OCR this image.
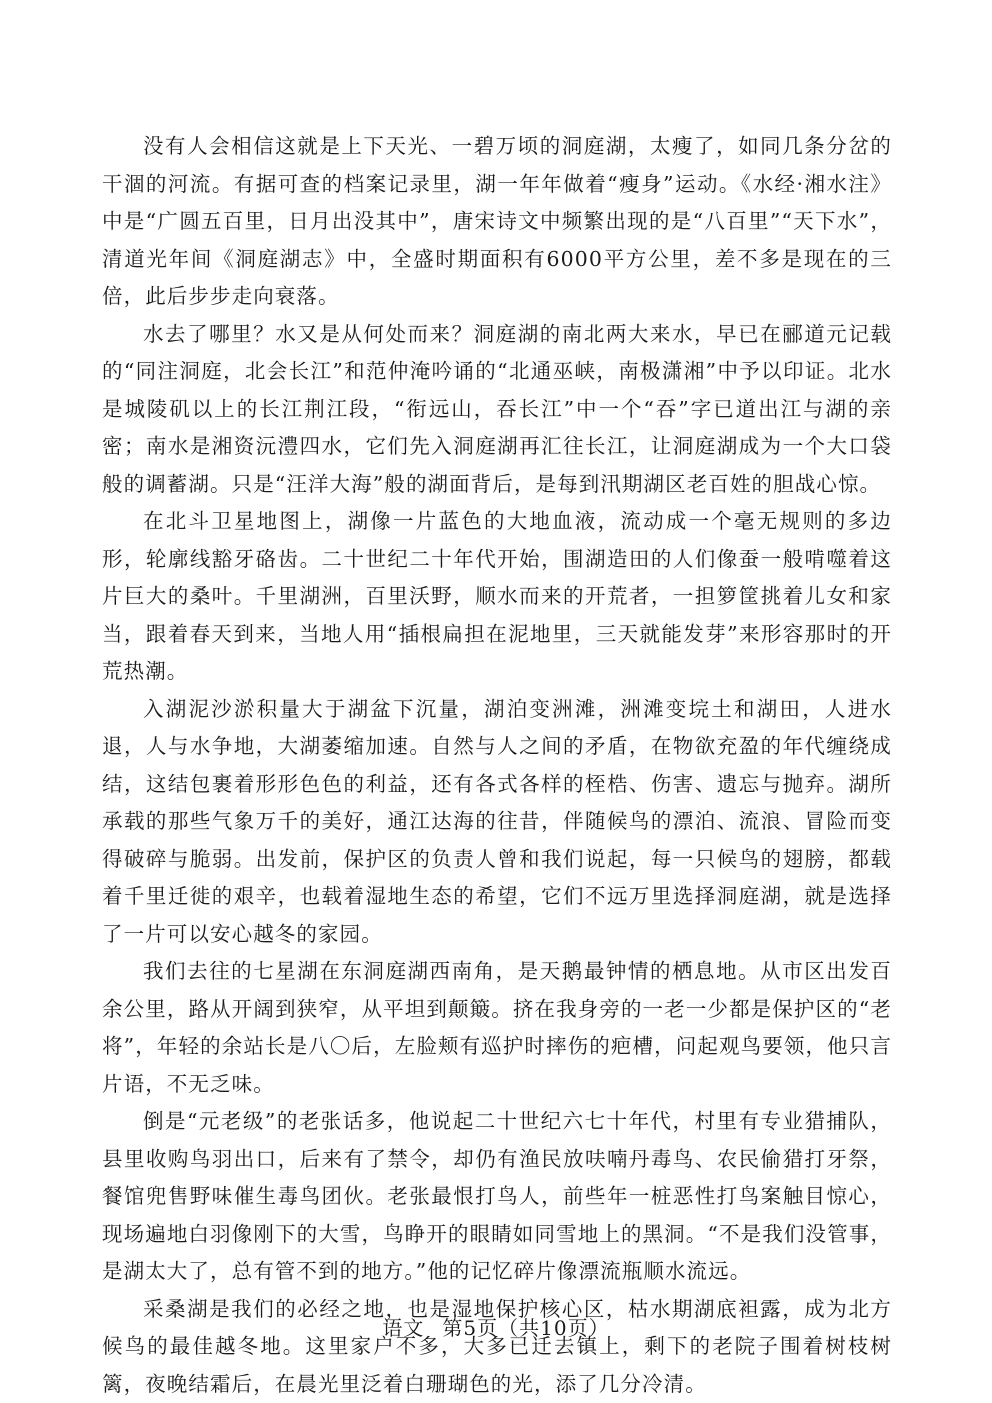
没有人会相信这就是上下天光、一碧万顷的洞庭湖，太瘦了，如同几条分岔的干涸的河流。有据可查的档案记录里，湖一年年做着“瘦身”运动。《水经·湘水注》中是“广圆五百里，日月出没其中”，唐宋诗文中频繁出现的是“八百里”“天下水”，清道光年间《洞庭湖志》中，全盛时期面积有6000平方公里，差不多是现在的三倍，此后步步走向衰落。

水去了哪里？水又是从何处而来？洞庭湖的南北两大来水，早已在郦道元记载的“同注洞庭，北会长江”和范仲淹吟诵的“北通巫峡，南极潇湘”中予以印证。北水是城陵矶以上的长江荆江段，“衔远山，吞长江”中一个“吞”字已道出江与湖的亲密；南水是湘资沅澧四水，它们先入洞庭湖再汇往长江，让洞庭湖成为一个大口袋般的调蓄湖。只是“汪洋大海”般的湖面背后，是每到汛期湖区老百姓的胆战心惊。

在北斗卫星地图上，湖像一片蓝色的大地血液，流动成一个毫无规则的多边形，轮廓线豁牙硌齿。二十世纪二十年代开始，围湖造田的人们像蚕一般啃噬着这片巨大的桑叶。千里湖洲，百里沃野，顺水而来的开荒者，一担箩筐挑着儿女和家当，跟着春天到来，当地人用“插根扁担在泥地里，三天就能发芽”来形容那时的开荒热潮。

入湖泥沙淤积量大于湖盆下沉量，湖泊变洲滩，洲滩变垸土和湖田，人进水退，人与水争地，大湖萎缩加速。自然与人之间的矛盾，在物欲充盈的年代缠绕成结，这结包裹着形形色色的利益，还有各式各样的桎梏、伤害、遗忘与抛弃。湖所承载的那些气象万千的美好，通江达海的往昔，伴随候鸟的漂泊、流浪、冒险而变得破碎与脆弱。出发前，保护区的负责人曾和我们说起，每一只候鸟的翅膀，都载着千里迁徙的艰辛，也载着湿地生态的希望，它们不远万里选择洞庭湖，就是选择了一片可以安心越冬的家园。

我们去往的七星湖在东洞庭湖西南角，是天鹅最钟情的栖息地。从市区出发百余公里，路从开阔到狭窄，从平坦到颠簸。挤在我身旁的一老一少都是保护区的“老将”，年轻的余站长是八〇后，左脸颊有巡护时摔伤的疤槽，问起观鸟要领，他只言片语，不无乏味。

倒是“元老级”的老张话多，他说起二十世纪六七十年代，村里有专业猎捕队，县里收购鸟羽出口，后来有了禁令，却仍有渔民放呋喃丹毒鸟、农民偷猎打牙祭，餐馆兜售野味催生毒鸟团伙。老张最恨打鸟人，前些年一桩恶性打鸟案触目惊心，现场遍地白羽像刚下的大雪，鸟睁开的眼睛如同雪地上的黑洞。“不是我们没管事，是湖太大了，总有管不到的地方。”他的记忆碎片像漂流瓶顺水流远。

采桑湖是我们的必经之地，也是湿地保护核心区，枯水期湖底袒露，成为北方候鸟的最佳越冬地。这里家户不多，大多已迁去镇上，剩下的老院子围着树枝树篱，夜晚结霜后，在晨光里泛着白珊瑚色的光，添了几分冷清。

语文 第5页（共10页）
